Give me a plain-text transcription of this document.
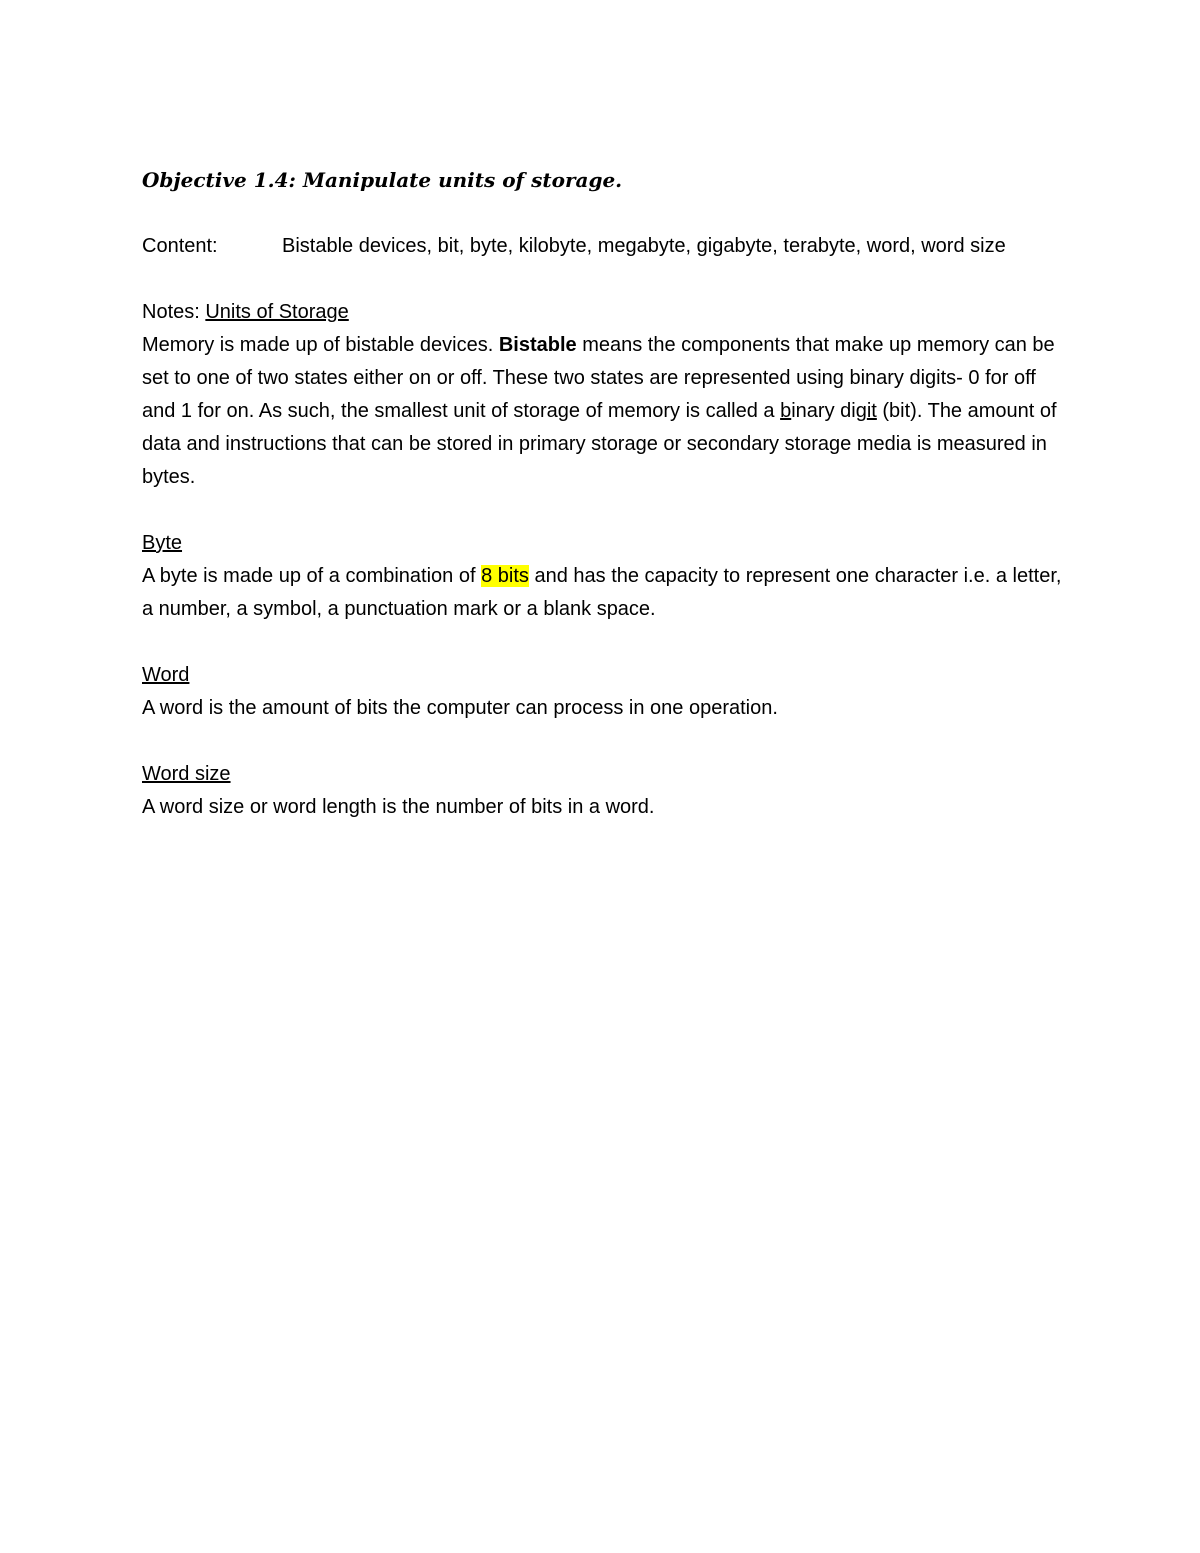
Objective 1.4: Manipulate units of storage.

Content:	Bistable devices, bit, byte, kilobyte, megabyte, gigabyte, terabyte, word, word size

Notes: Units of Storage

Memory is made up of bistable devices. Bistable means the components that make up memory can be set to one of two states either on or off. These two states are represented using binary digits- 0 for off and 1 for on. As such, the smallest unit of storage of memory is called a binary digit (bit). The amount of data and instructions that can be stored in primary storage or secondary storage media is measured in bytes.

Byte

A byte is made up of a combination of 8 bits and has the capacity to represent one character i.e. a letter, a number, a symbol, a punctuation mark or a blank space.

Word

A word is the amount of bits the computer can process in one operation.

Word size

A word size or word length is the number of bits in a word.
